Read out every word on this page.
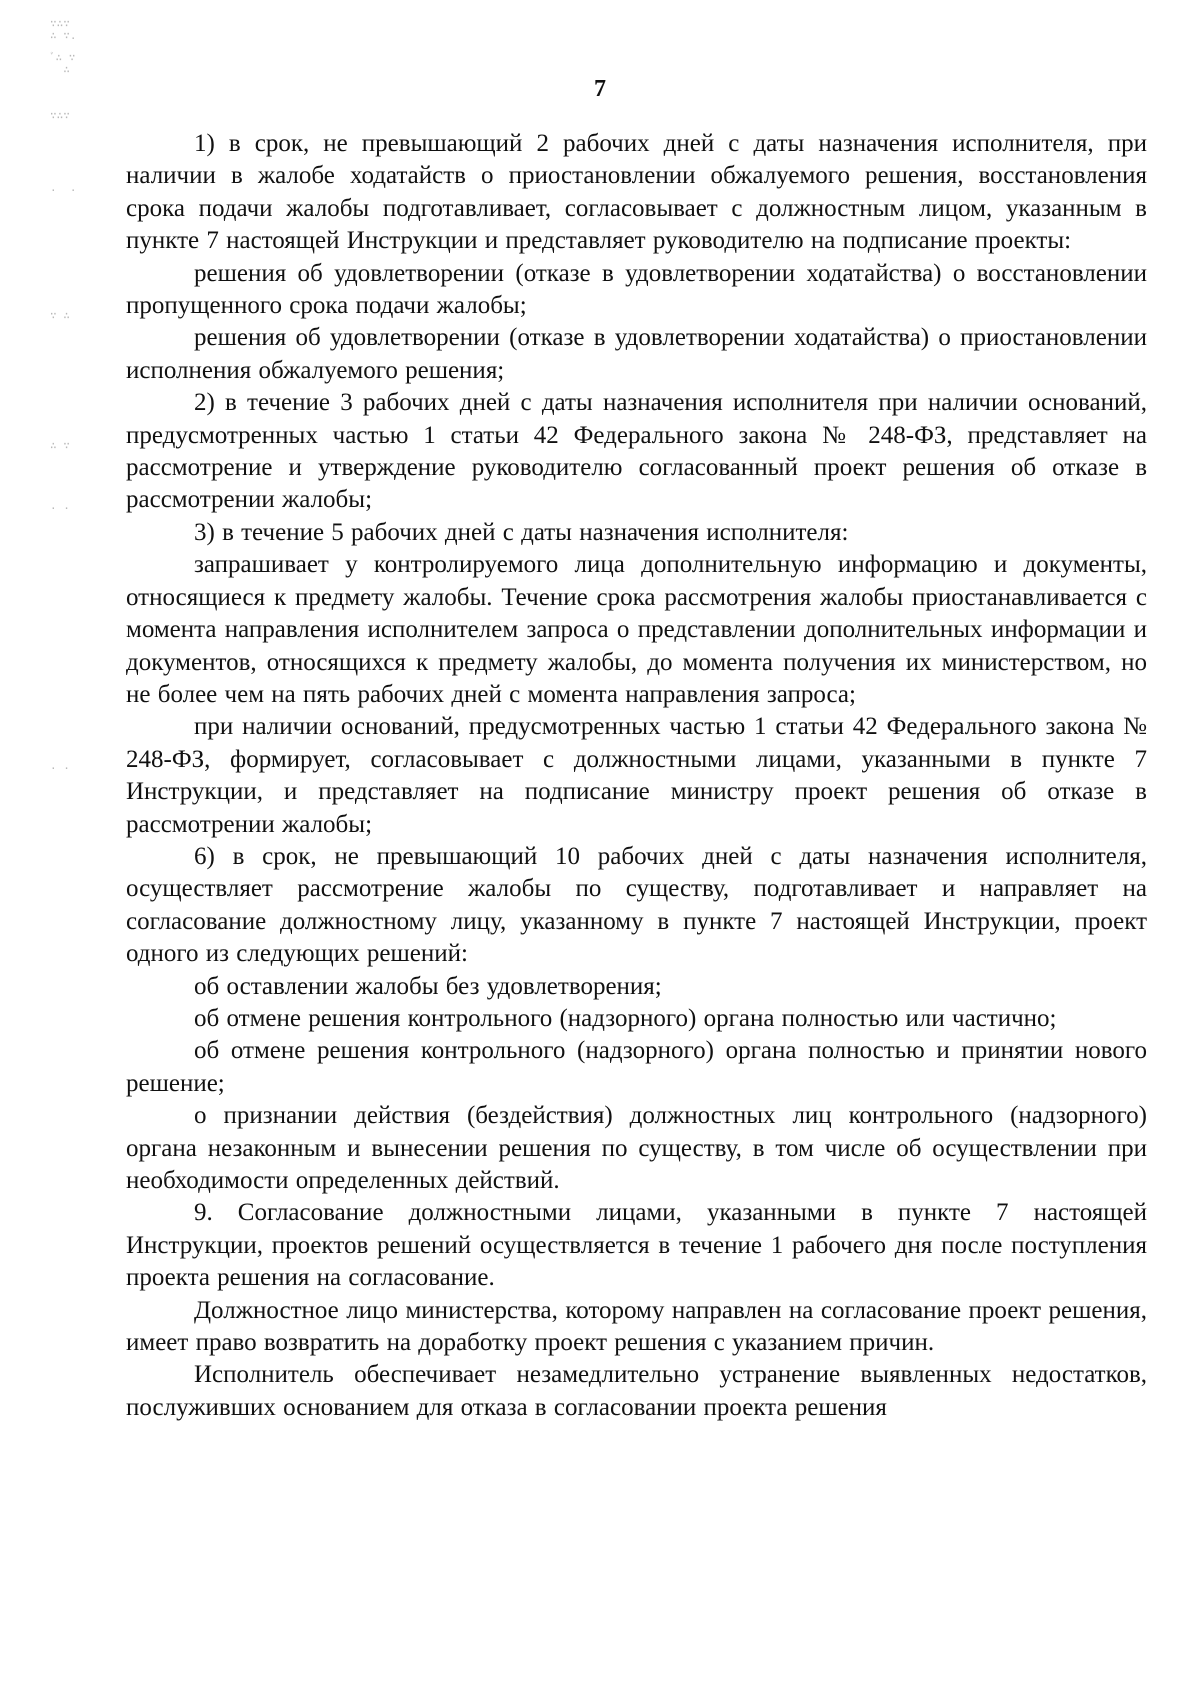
7
∵∴∵
∴ ∵.
ﾞ∴ ∵
∴
∵∴∵
.  .
∵ ∴
∴ ∵
. .
. .

1) в срок, не превышающий 2 рабочих дней с даты назначения исполнителя, при наличии в жалобе ходатайств о приостановлении обжалуемого решения, восстановления срока подачи жалобы подготавливает, согласовывает с должностным лицом, указанным в пункте 7 настоящей Инструкции и представляет руководителю на подписание проекты:

решения об удовлетворении (отказе в удовлетворении ходатайства) о восстановлении пропущенного срока подачи жалобы;

решения об удовлетворении (отказе в удовлетворении ходатайства) о приостановлении исполнения обжалуемого решения;

2) в течение 3 рабочих дней с даты назначения исполнителя при наличии оснований, предусмотренных частью 1 статьи 42 Федерального закона № 248-ФЗ, представляет на рассмотрение и утверждение руководителю согласованный проект решения об отказе в рассмотрении жалобы;

3) в течение 5 рабочих дней с даты назначения исполнителя:

запрашивает у контролируемого лица дополнительную информацию и документы, относящиеся к предмету жалобы. Течение срока рассмотрения жалобы приостанавливается с момента направления исполнителем запроса о представлении дополнительных информации и документов, относящихся к предмету жалобы, до момента получения их министерством, но не более чем на пять рабочих дней с момента направления запроса;

при наличии оснований, предусмотренных частью 1 статьи 42 Федерального закона № 248-ФЗ, формирует, согласовывает с должностными лицами, указанными в пункте 7 Инструкции, и представляет на подписание министру проект решения об отказе в рассмотрении жалобы;

6) в срок, не превышающий 10 рабочих дней с даты назначения исполнителя, осуществляет рассмотрение жалобы по существу, подготавливает и направляет на согласование должностному лицу, указанному в пункте 7 настоящей Инструкции, проект одного из следующих решений:

об оставлении жалобы без удовлетворения;

об отмене решения контрольного (надзорного) органа полностью или частично;

об отмене решения контрольного (надзорного) органа полностью и принятии нового решение;

о признании действия (бездействия) должностных лиц контрольного (надзорного) органа незаконным и вынесении решения по существу, в том числе об осуществлении при необходимости определенных действий.

9. Согласование должностными лицами, указанными в пункте 7 настоящей Инструкции, проектов решений осуществляется в течение 1 рабочего дня после поступления проекта решения на согласование.

Должностное лицо министерства, которому направлен на согласование проект решения, имеет право возвратить на доработку проект решения с указанием причин.

Исполнитель обеспечивает незамедлительно устранение выявленных недостатков, послуживших основанием для отказа в согласовании проекта решения
